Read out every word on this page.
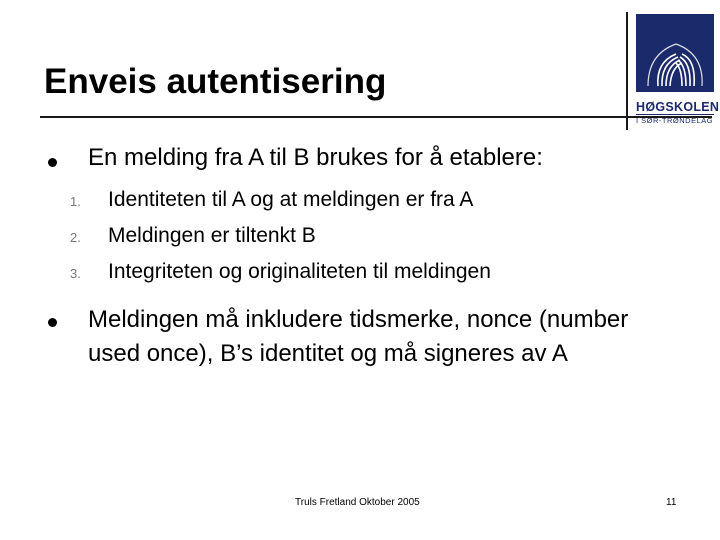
Enveis autentisering
HØGSKOLEN
I SØR-TRØNDELAG
En melding fra A til B brukes for å etablere:
1.	Identiteten til A og at meldingen er fra A
2.	Meldingen er tiltenkt B
3.	Integriteten og originaliteten til meldingen
Meldingen må inkludere tidsmerke, nonce (number used once), B’s identitet og må signeres av A
Truls Fretland Oktober 2005	11
